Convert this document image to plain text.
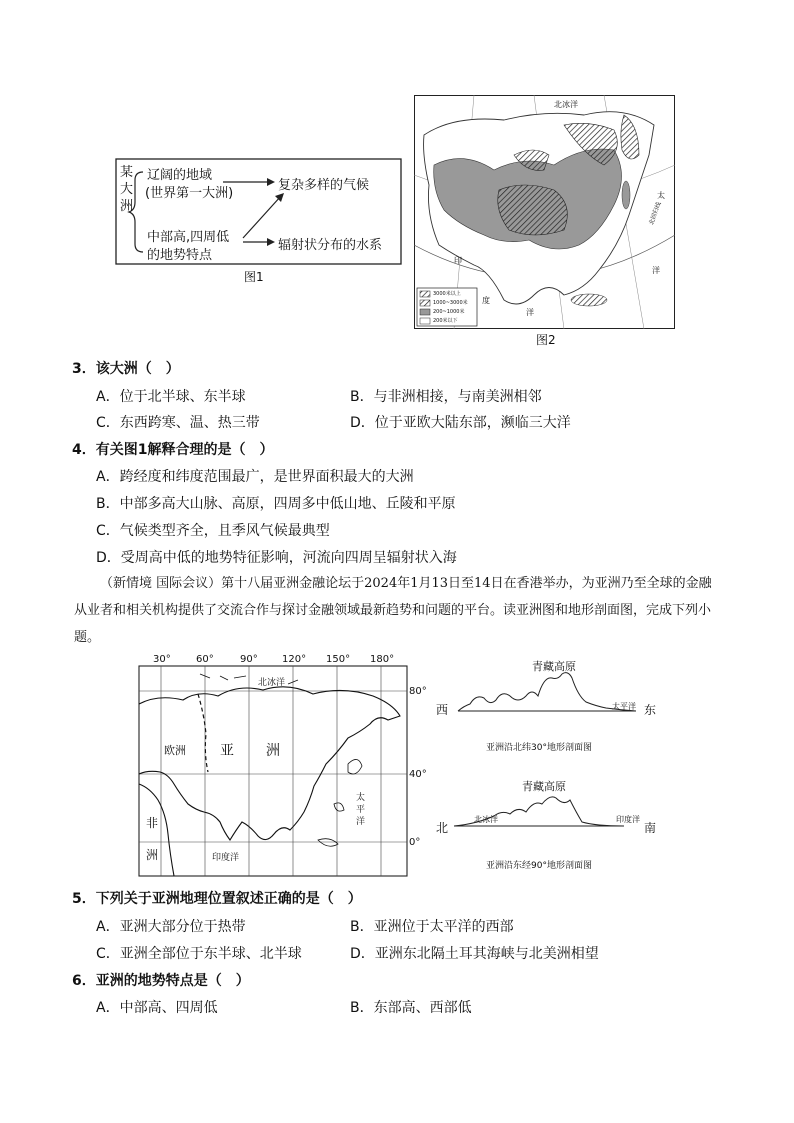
某大洲
辽阔的地域
(世界第一大洲)
中部高,四周低
的地势特点
复杂多样的气候
辐射状分布的水系
图1
北冰洋
太
洋
印
度
洋
北回归线
3000米以上
1000~3000米
200~1000米
200米以下
图2
3．该大洲（　）
A．位于北半球、东半球	B．与非洲相接，与南美洲相邻
C．东西跨寒、温、热三带	D．位于亚欧大陆东部，濒临三大洋
4．有关图1解释合理的是（　）
A．跨经度和纬度范围最广，是世界面积最大的大洲
B．中部多高大山脉、高原，四周多中低山地、丘陵和平原
C．气候类型齐全，且季风气候最典型
D．受周高中低的地势特征影响，河流向四周呈辐射状入海
（新情境 国际会议）第十八届亚洲金融论坛于2024年1月13日至14日在香港举办，为亚洲乃至全球的金融从业者和相关机构提供了交流合作与探讨金融领域最新趋势和问题的平台。读亚洲图和地形剖面图，完成下列小题。
30°	60°	90° 120° 150° 180°
80°
40°
0°
北冰洋
欧洲 亚 洲
非
洲	印度洋
太
平
洋
青藏高原
西	太平洋 东
亚洲沿北纬30°地形剖面图
青藏高原
北
北冰洋	印度洋
南
亚洲沿东经90°地形剖面图
5．下列关于亚洲地理位置叙述正确的是（　）
A．亚洲大部分位于热带	B．亚洲位于太平洋的西部
C．亚洲全部位于东半球、北半球	D．亚洲东北隔土耳其海峡与北美洲相望
6．亚洲的地势特点是（　）
A．中部高、四周低	B．东部高、西部低
